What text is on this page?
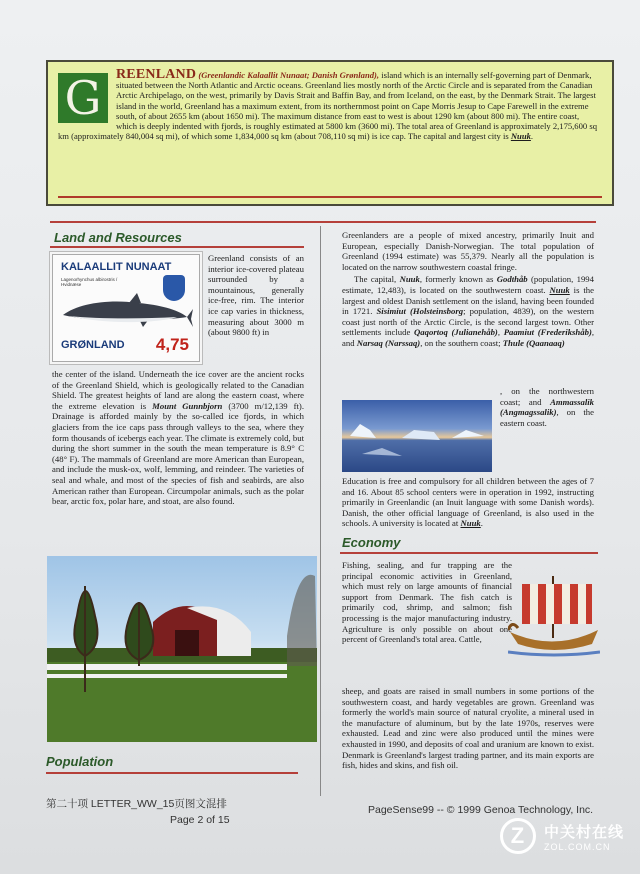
G	REENLAND (Greenlandic Kalaallit Nunaat; Danish Grønland), island which is an internally self-governing part of Denmark, situated between the North Atlantic and Arctic oceans. Greenland lies mostly north of the Arctic Circle and is separated from the Canadian Arctic Archipelago, on the west, primarily by Davis Strait and Baffin Bay, and from Iceland, on the east, by the Denmark Strait. The largest island in the world, Greenland has a maximum extent, from its northernmost point on Cape Morris Jesup to Cape Farewell in the extreme south, of about 2655 km (about 1650 mi). The maximum distance from east to west is about 1290 km (about 800 mi). The entire coast, which is deeply indented with fjords, is roughly estimated at 5800 km (3600 mi). The total area of Greenland is approximately 2,175,600 sq km (approximately 840,004 sq mi), of which some 1,834,000 sq km (about 708,110 sq mi) is ice cap. The capital and largest city is Nuuk.
Land and Resources
KALAALLIT NUNAAT
Lagenorhynchus albirostris / Hvidnæse
GRØNLAND 4,75

Greenland consists of an interior ice-covered plateau surrounded by a mountainous, generally ice-free, rim. The interior ice cap varies in thickness, measuring about 3000 m (about 9800 ft) in

the center of the island. Underneath the ice cover are the ancient rocks of the Greenland Shield, which is geologically related to the Canadian Shield. The greatest heights of land are along the eastern coast, where the extreme elevation is Mount Gunnbjorn (3700 m/12,139 ft). Drainage is afforded mainly by the so-called ice fjords, in which glaciers from the ice caps pass through valleys to the sea, where they form thousands of icebergs each year. The climate is extremely cold, but during the short summer in the south the mean temperature is 8.9° C (48° F). The mammals of Greenland are more American than European, and include the musk-ox, wolf, lemming, and reindeer. The varieties of seal and whale, and most of the species of fish and seabirds, are also American rather than European. Circumpolar animals, such as the polar bear, arctic fox, polar hare, and stoat, are also found.

Population

Greenlanders are a people of mixed ancestry, primarily Inuit and European, especially Danish-Norwegian. The total population of Greenland (1994 estimate) was 55,379. Nearly all the population is located on the narrow southwestern coastal fringe.

The capital, Nuuk, formerly known as Godthåb (population, 1994 estimate, 12,483), is located on the southwestern coast. Nuuk is the largest and oldest Danish settlement on the island, having been founded in 1721. Sisimiut (Holsteinsborg; population, 4839), on the western coast just north of the Arctic Circle, is the second largest town. Other settlements include Qaqortoq (Julianehåb), Paamiut (Frederikshåb), and Narsaq (Narssaq), on the southern coast; Thule (Qaanaaq)

, on the northwestern coast; and Ammassalik (Angmagssalik), on the eastern coast.

Education is free and compulsory for all children between the ages of 7 and 16. About 85 school centers were in operation in 1992, instructing primarily in Greenlandic (an Inuit language with some Danish words). Danish, the other official language of Greenland, is also used in the schools. A university is located at Nuuk.

Economy

Fishing, sealing, and fur trapping are the principal economic activities in Greenland, which must rely on large amounts of financial support from Denmark. The fish catch is primarily cod, shrimp, and salmon; fish processing is the major manufacturing industry. Agriculture is only possible on about one percent of Greenland's total area. Cattle,

sheep, and goats are raised in small numbers in some portions of the southwestern coast, and hardy vegetables are grown. Greenland was formerly the world's main source of natural cryolite, a mineral used in the manufacture of aluminum, but by the late 1970s, reserves were exhausted. Lead and zinc were also produced until the mines were exhausted in 1990, and deposits of coal and uranium are known to exist. Denmark is Greenland's largest trading partner, and its main exports are fish, hides and skins, and fish oil.

第二十项 LETTER_WW_15页图文混排
Page 2 of 15
PageSense99 -- © 1999 Genoa Technology, Inc.
Z 中关村在线
ZOL.COM.CN
